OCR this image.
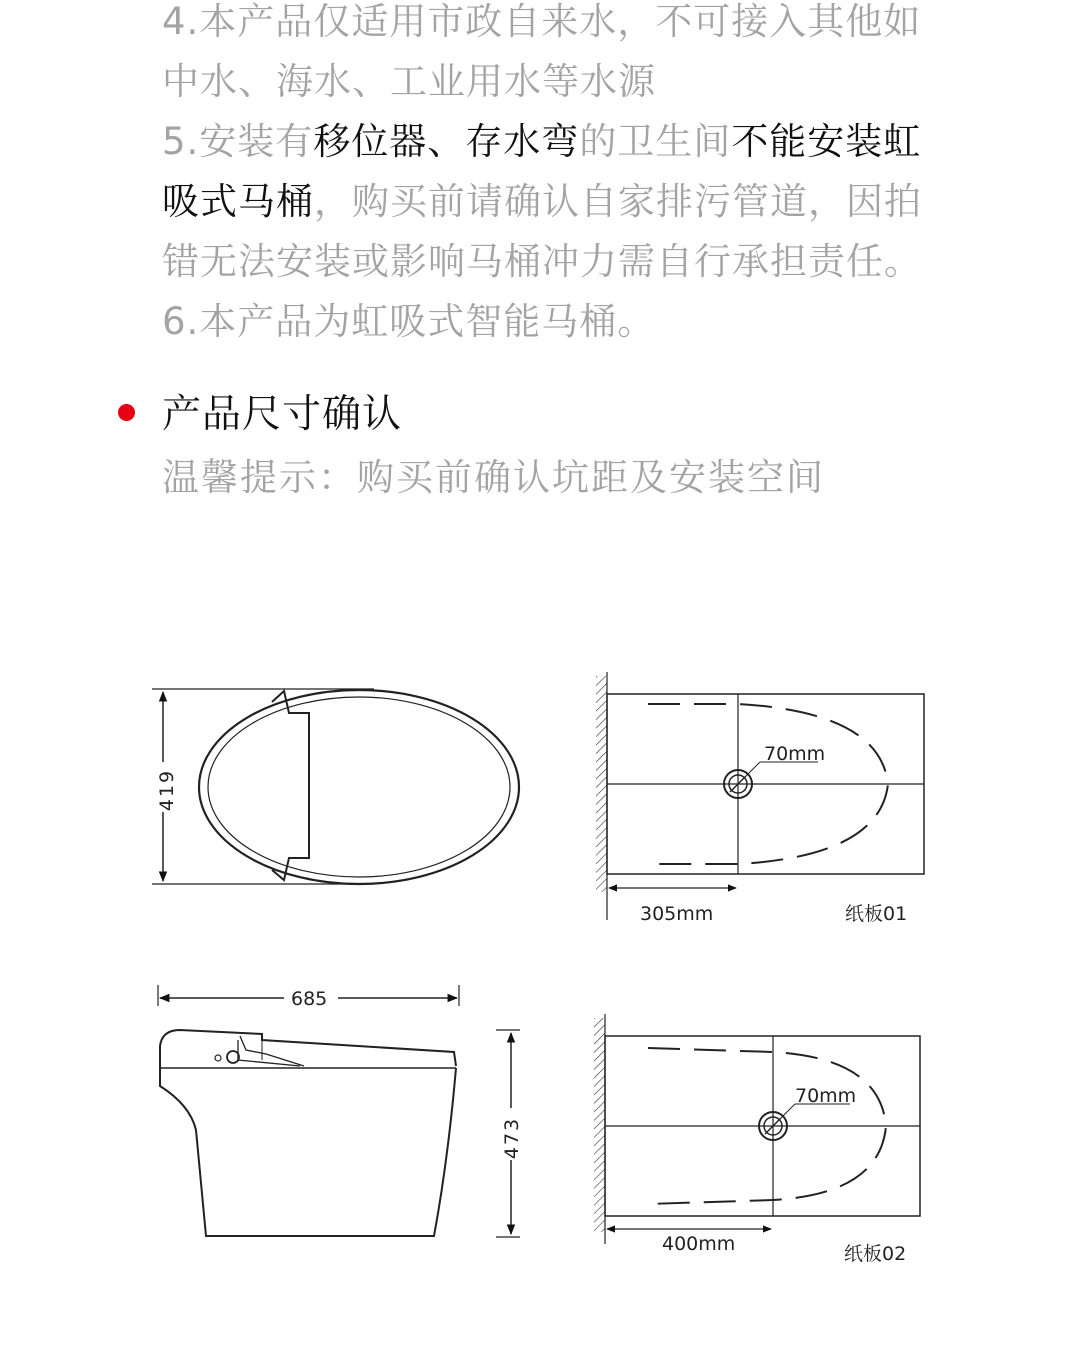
4.本产品仅适用市政自来水，不可接入其他如

中水、海水、工业用水等水源

5.安装有移位器、存水弯的卫生间不能安装虹

吸式马桶，购买前请确认自家排污管道，因拍

错无法安装或影响马桶冲力需自行承担责任。

6.本产品为虹吸式智能马桶。

产品尺寸确认
温馨提示：购买前确认坑距及安装空间
419
70mm
305mm	纸板01
685
473
70mm
400mm	纸板02
